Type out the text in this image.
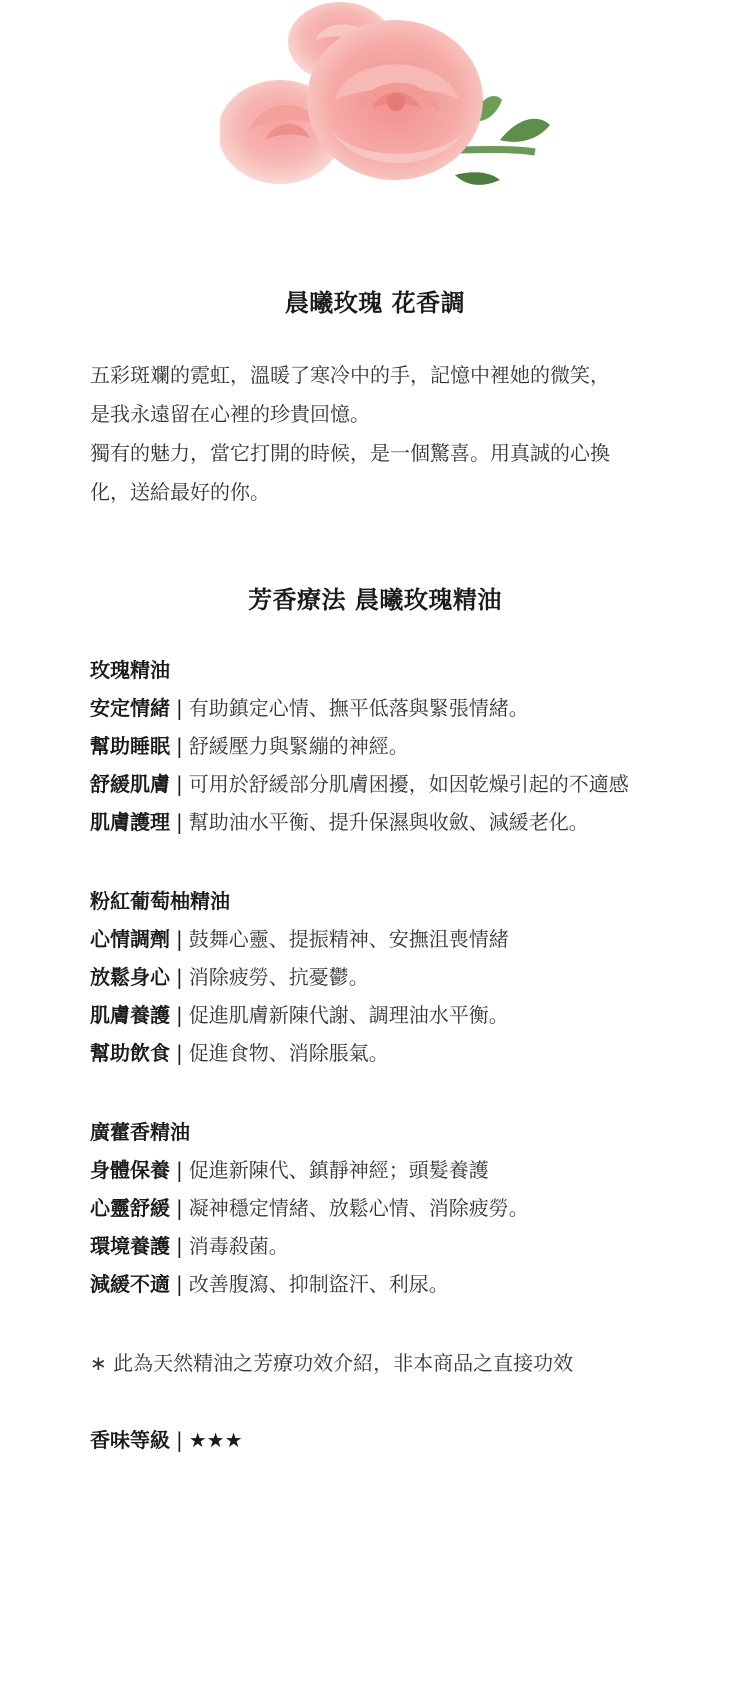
晨曦玫瑰 花香調
五彩斑斕的霓虹，溫暖了寒冷中的手，記憶中裡她的微笑，
是我永遠留在心裡的珍貴回憶。
獨有的魅力，當它打開的時候，是一個驚喜。用真誠的心換
化，送給最好的你。
芳香療法 晨曦玫瑰精油
玫瑰精油
安定情緒 | 有助鎮定心情、撫平低落與緊張情緒。
幫助睡眠 | 舒緩壓力與緊繃的神經。
舒緩肌膚 | 可用於舒緩部分肌膚困擾，如因乾燥引起的不適感
肌膚護理 | 幫助油水平衡、提升保濕與收斂、減緩老化。
粉紅葡萄柚精油
心情調劑 | 鼓舞心靈、提振精神、安撫沮喪情緒
放鬆身心 | 消除疲勞、抗憂鬱。
肌膚養護 | 促進肌膚新陳代謝、調理油水平衡。
幫助飲食 | 促進食物、消除脹氣。
廣藿香精油
身體保養 | 促進新陳代、鎮靜神經；頭髮養護
心靈舒緩 | 凝神穩定情緒、放鬆心情、消除疲勞。
環境養護 | 消毒殺菌。
減緩不適 | 改善腹瀉、抑制盜汗、利尿。
∗ 此為天然精油之芳療功效介紹，非本商品之直接功效
香味等級 | ★★★
